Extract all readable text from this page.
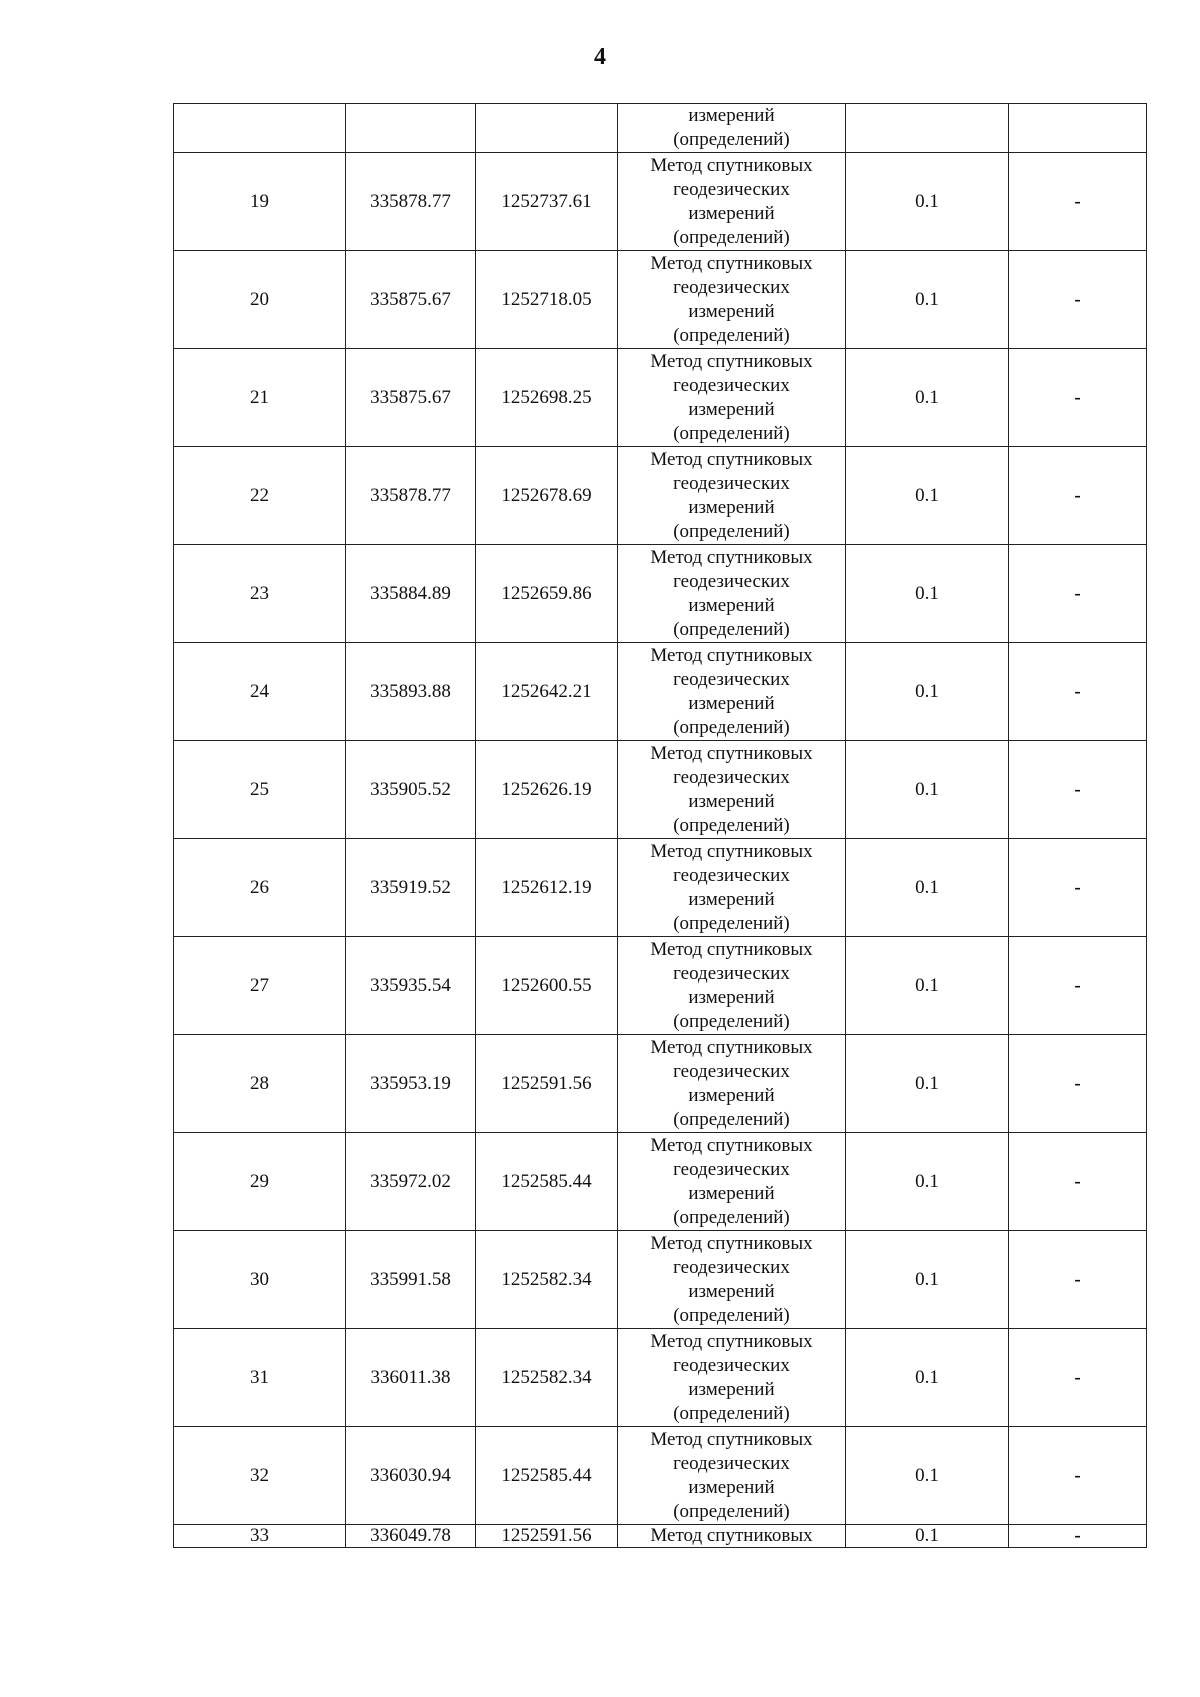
4

			измерений
(определений)		

19	335878.77	1252737.61	Метод спутниковых
геодезических
измерений
(определений)	0.1	-
20	335875.67	1252718.05	Метод спутниковых
геодезических
измерений
(определений)	0.1	-
21	335875.67	1252698.25	Метод спутниковых
геодезических
измерений
(определений)	0.1	-
22	335878.77	1252678.69	Метод спутниковых
геодезических
измерений
(определений)	0.1	-
23	335884.89	1252659.86	Метод спутниковых
геодезических
измерений
(определений)	0.1	-
24	335893.88	1252642.21	Метод спутниковых
геодезических
измерений
(определений)	0.1	-
25	335905.52	1252626.19	Метод спутниковых
геодезических
измерений
(определений)	0.1	-
26	335919.52	1252612.19	Метод спутниковых
геодезических
измерений
(определений)	0.1	-
27	335935.54	1252600.55	Метод спутниковых
геодезических
измерений
(определений)	0.1	-
28	335953.19	1252591.56	Метод спутниковых
геодезических
измерений
(определений)	0.1	-
29	335972.02	1252585.44	Метод спутниковых
геодезических
измерений
(определений)	0.1	-
30	335991.58	1252582.34	Метод спутниковых
геодезических
измерений
(определений)	0.1	-
31	336011.38	1252582.34	Метод спутниковых
геодезических
измерений
(определений)	0.1	-
32	336030.94	1252585.44	Метод спутниковых
геодезических
измерений
(определений)	0.1	-
33	336049.78	1252591.56	Метод спутниковых	0.1	-
